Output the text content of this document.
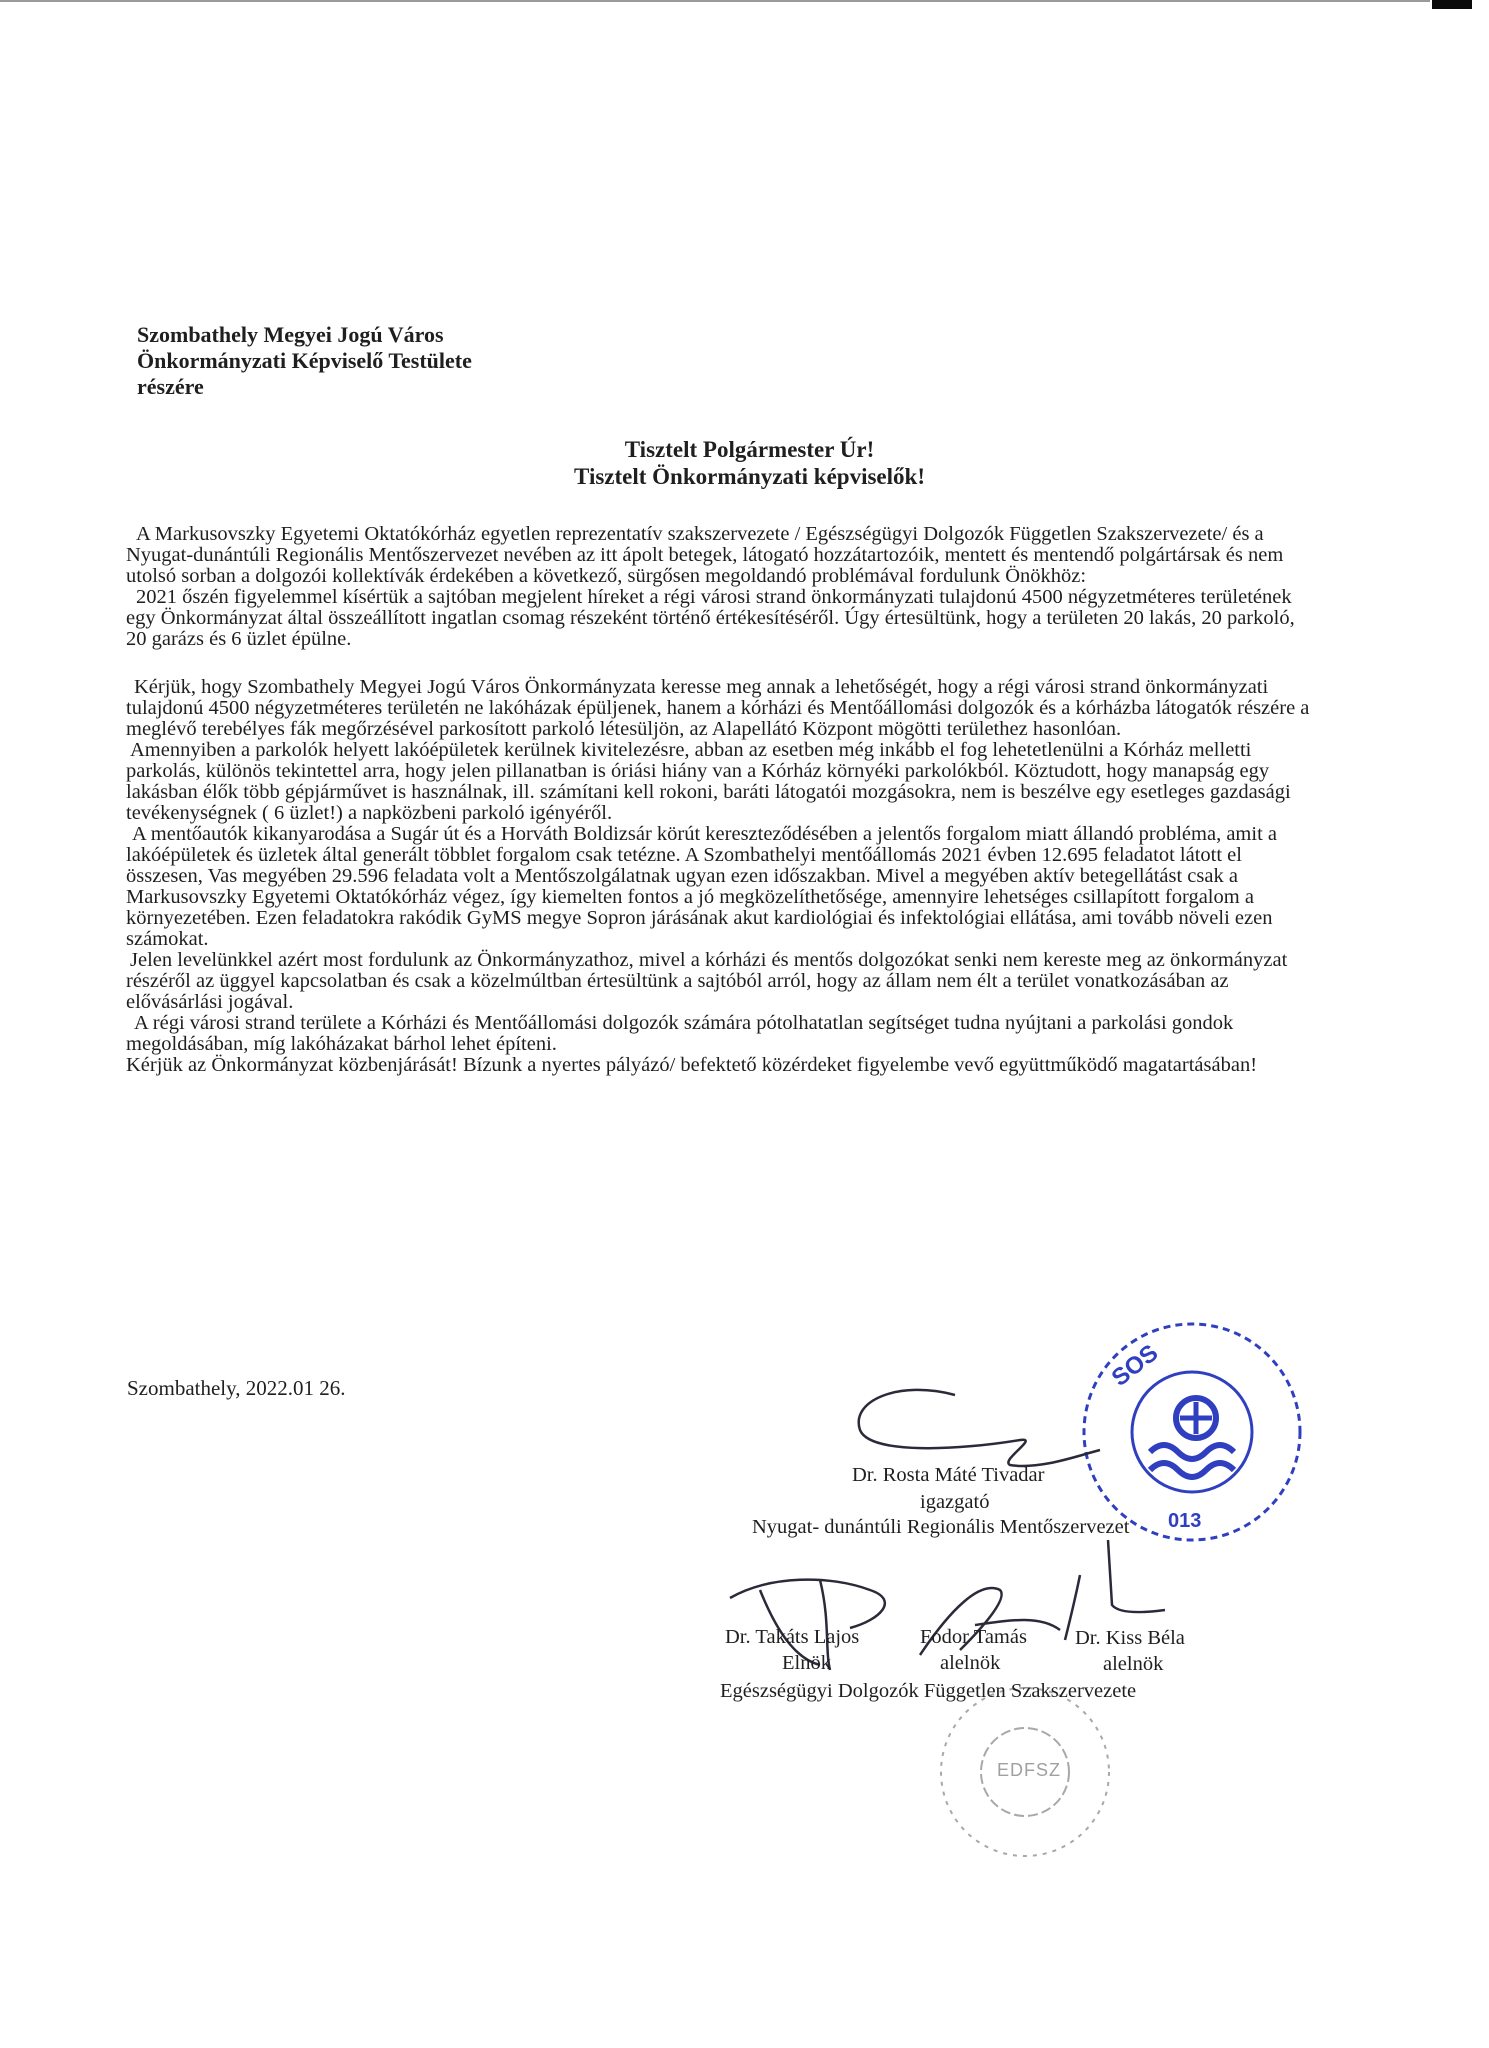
Szombathely Megyei Jogú Város
Önkormányzati Képviselő Testülete
részére
Tisztelt Polgármester Úr!
Tisztelt Önkormányzati képviselők!

A Markusovszky Egyetemi Oktatókórház egyetlen reprezentatív szakszervezete / Egészségügyi Dolgozók Független Szakszervezete/ és a Nyugat-dunántúli Regionális Mentőszervezet nevében az itt ápolt betegek, látogató hozzátartozóik, mentett és mentendő polgártársak és nem utolsó sorban a dolgozói kollektívák érdekében a következő, sürgősen megoldandó problémával fordulunk Önökhöz:

2021 őszén figyelemmel kísértük a sajtóban megjelent híreket a régi városi strand önkormányzati tulajdonú 4500 négyzetméteres területének egy Önkormányzat által összeállított ingatlan csomag részeként történő értékesítéséről. Úgy értesültünk, hogy a területen 20 lakás, 20 parkoló, 20 garázs és 6 üzlet épülne.

Kérjük, hogy Szombathely Megyei Jogú Város Önkormányzata keresse meg annak a lehetőségét, hogy a régi városi strand önkormányzati tulajdonú 4500 négyzetméteres területén ne lakóházak épüljenek, hanem a kórházi és Mentőállomási dolgozók és a kórházba látogatók részére a meglévő terebélyes fák megőrzésével parkosított parkoló létesüljön, az Alapellátó Központ mögötti területhez hasonlóan.

Amennyiben a parkolók helyett lakóépületek kerülnek kivitelezésre, abban az esetben még inkább el fog lehetetlenülni a Kórház melletti parkolás, különös tekintettel arra, hogy jelen pillanatban is óriási hiány van a Kórház környéki parkolókból. Köztudott, hogy manapság egy lakásban élők több gépjárművet is használnak, ill. számítani kell rokoni, baráti látogatói mozgásokra, nem is beszélve egy esetleges gazdasági tevékenységnek ( 6 üzlet!) a napközbeni parkoló igényéről.

A mentőautók kikanyarodása a Sugár út és a Horváth Boldizsár körút kereszteződésében a jelentős forgalom miatt állandó probléma, amit a lakóépületek és üzletek által generált többlet forgalom csak tetézne. A Szombathelyi mentőállomás 2021 évben 12.695 feladatot látott el összesen, Vas megyében 29.596 feladata volt a Mentőszolgálatnak ugyan ezen időszakban. Mivel a megyében aktív betegellátást csak a Markusovszky Egyetemi Oktatókórház végez, így kiemelten fontos a jó megközelíthetősége, amennyire lehetséges csillapított forgalom a környezetében. Ezen feladatokra rakódik GyMS megye Sopron járásának akut kardiológiai és infektológiai ellátása, ami tovább növeli ezen számokat.

Jelen levelünkkel azért most fordulunk az Önkormányzathoz, mivel a kórházi és mentős dolgozókat senki nem kereste meg az önkormányzat részéről az üggyel kapcsolatban és csak a közelmúltban értesültünk a sajtóból arról, hogy az állam nem élt a terület vonatkozásában az elővásárlási jogával.

A régi városi strand területe a Kórházi és Mentőállomási dolgozók számára pótolhatatlan segítséget tudna nyújtani a parkolási gondok megoldásában, míg lakóházakat bárhol lehet építeni.

Kérjük az Önkormányzat közbenjárását! Bízunk a nyertes pályázó/ befektető közérdeket figyelembe vevő együttműködő magatartásában!

Szombathely, 2022.01 26.	SOS
013
EDFSZ
Dr. Rosta Máté Tivadar
igazgató
Nyugat- dunántúli Regionális Mentőszervezet
Dr. Takáts Lajos
Elnök
Fodor Tamás
alelnök
Dr. Kiss Béla
alelnök
Egészségügyi Dolgozók Független Szakszervezete
